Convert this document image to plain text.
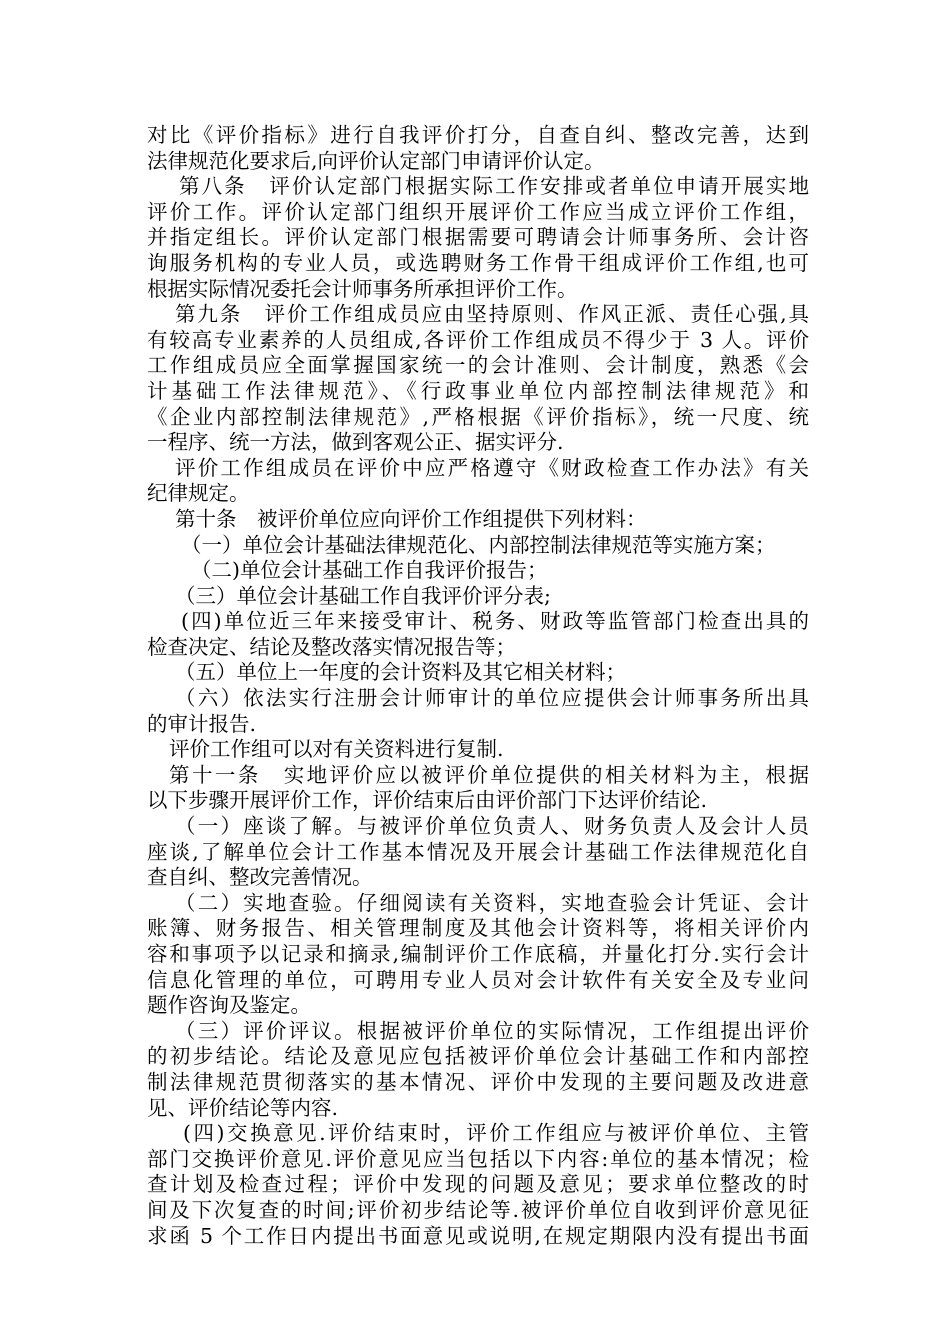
对比《评价指标》进行自我评价打分，自查自纠、整改完善，达到
法律规范化要求后,向评价认定部门申请评价认定。
第八条　评价认定部门根据实际工作安排或者单位申请开展实地
评价工作。评价认定部门组织开展评价工作应当成立评价工作组，
并指定组长。评价认定部门根据需要可聘请会计师事务所、会计咨
询服务机构的专业人员，或选聘财务工作骨干组成评价工作组,也可
根据实际情况委托会计师事务所承担评价工作。
第九条　评价工作组成员应由坚持原则、作风正派、责任心强,具
有较高专业素养的人员组成,各评价工作组成员不得少于 3 人。评价
工作组成员应全面掌握国家统一的会计准则、会计制度，熟悉《会
计基础工作法律规范》、《行政事业单位内部控制法律规范》和
《企业内部控制法律规范》,严格根据《评价指标》，统一尺度、统
一程序、统一方法，做到客观公正、据实评分.
评价工作组成员在评价中应严格遵守《财政检查工作办法》有关
纪律规定。
第十条　被评价单位应向评价工作组提供下列材料：
（一）单位会计基础法律规范化、内部控制法律规范等实施方案；
（二)单位会计基础工作自我评价报告；
（三）单位会计基础工作自我评价评分表;
(四)单位近三年来接受审计、税务、财政等监管部门检查出具的
检查决定、结论及整改落实情况报告等；
（五）单位上一年度的会计资料及其它相关材料；
（六）依法实行注册会计师审计的单位应提供会计师事务所出具
的审计报告.
评价工作组可以对有关资料进行复制.
第十一条　实地评价应以被评价单位提供的相关材料为主，根据
以下步骤开展评价工作，评价结束后由评价部门下达评价结论.
（一）座谈了解。与被评价单位负责人、财务负责人及会计人员
座谈,了解单位会计工作基本情况及开展会计基础工作法律规范化自
查自纠、整改完善情况。
（二）实地查验。仔细阅读有关资料，实地查验会计凭证、会计
账簿、财务报告、相关管理制度及其他会计资料等，将相关评价内
容和事项予以记录和摘录,编制评价工作底稿，并量化打分.实行会计
信息化管理的单位，可聘用专业人员对会计软件有关安全及专业问
题作咨询及鉴定。
（三）评价评议。根据被评价单位的实际情况，工作组提出评价
的初步结论。结论及意见应包括被评价单位会计基础工作和内部控
制法律规范贯彻落实的基本情况、评价中发现的主要问题及改进意
见、评价结论等内容.
(四)交换意见.评价结束时，评价工作组应与被评价单位、主管
部门交换评价意见.评价意见应当包括以下内容:单位的基本情况；检
查计划及检查过程；评价中发现的问题及意见；要求单位整改的时
间及下次复查的时间;评价初步结论等.被评价单位自收到评价意见征
求函 5 个工作日内提出书面意见或说明,在规定期限内没有提出书面
